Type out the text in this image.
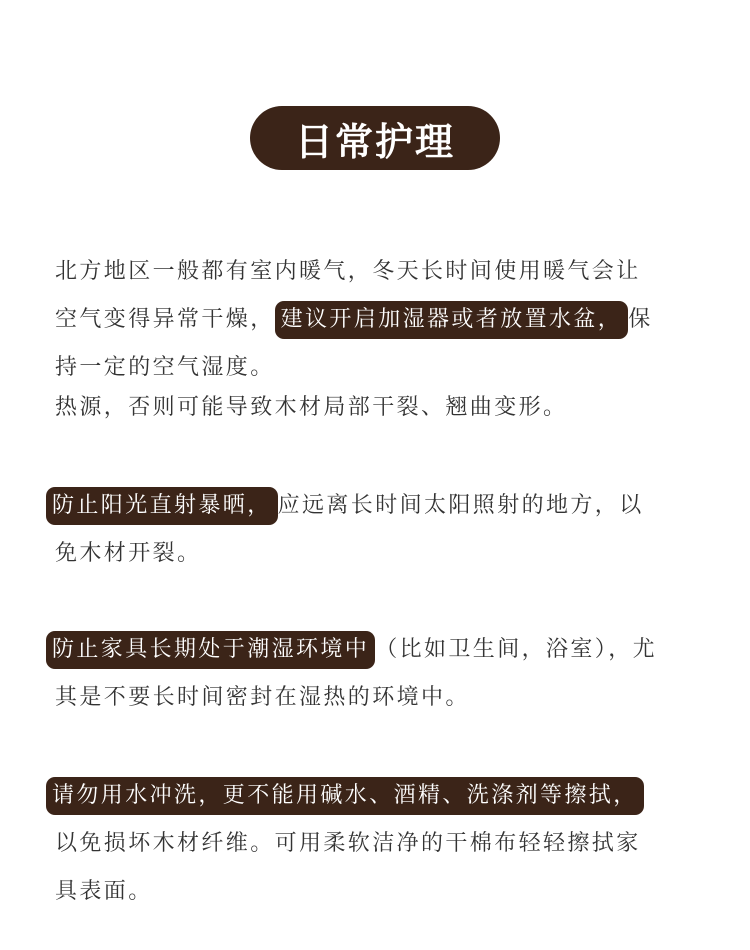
日常护理
北方地区一般都有室内暖气，冬天长时间使用暖气会让
空气变得异常干燥， 建议开启加湿器或者放置水盆， 保
持一定的空气湿度。
热源，否则可能导致木材局部干裂、翘曲变形。
防止阳光直射暴晒， 应远离长时间太阳照射的地方，以
免木材开裂。
防止家具长期处于潮湿环境中 （比如卫生间，浴室），尤
其是不要长时间密封在湿热的环境中。
请勿用水冲洗，更不能用碱水、酒精、洗涤剂等擦拭，
以免损坏木材纤维。可用柔软洁净的干棉布轻轻擦拭家
具表面。
